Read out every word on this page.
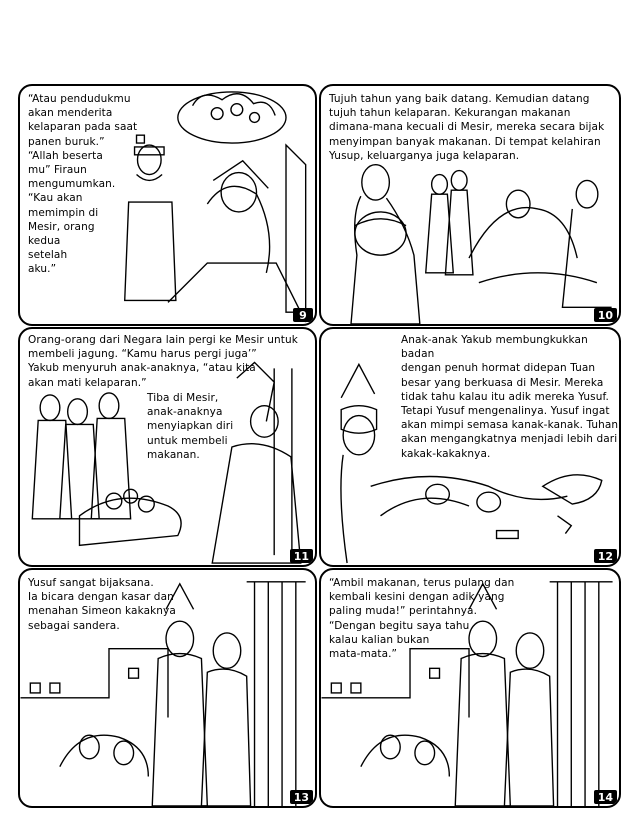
“Atau pendudukmu
akan menderita
kelaparan pada saat
panen buruk.”
“Allah beserta
mu” Firaun
mengumumkan.
“Kau akan
memimpin di
Mesir, orang
kedua
setelah
aku.”
9
Tujuh tahun yang baik datang. Kemudian datang
tujuh tahun kelaparan. Kekurangan makanan
dimana-mana kecuali di Mesir, mereka secara bijak
menyimpan banyak makanan. Di tempat kelahiran
Yusup, keluarganya juga kelaparan.
10
Orang-orang dari Negara lain pergi ke Mesir untuk
membeli jagung. “Kamu harus pergi juga’”
Yakub menyuruh anak-anaknya, “atau kita
akan mati kelaparan.”
Tiba di Mesir,
anak-anaknya
menyiapkan diri
untuk membeli
makanan.
11
Anak-anak Yakub membungkukkan badan
dengan penuh hormat didepan Tuan
besar yang berkuasa di Mesir. Mereka
tidak tahu kalau itu adik mereka Yusuf.
Tetapi Yusuf mengenalinya. Yusuf ingat
akan mimpi semasa kanak-kanak. Tuhan
akan mengangkatnya menjadi lebih dari
kakak-kakaknya.
12
Yusuf sangat bijaksana.
Ia bicara dengan kasar dan
menahan Simeon kakaknya
sebagai sandera.
13
“Ambil makanan, terus pulang dan
kembali kesini dengan adik yang
paling muda!” perintahnya.
“Dengan begitu saya tahu
kalau kalian bukan
mata-mata.”
14
